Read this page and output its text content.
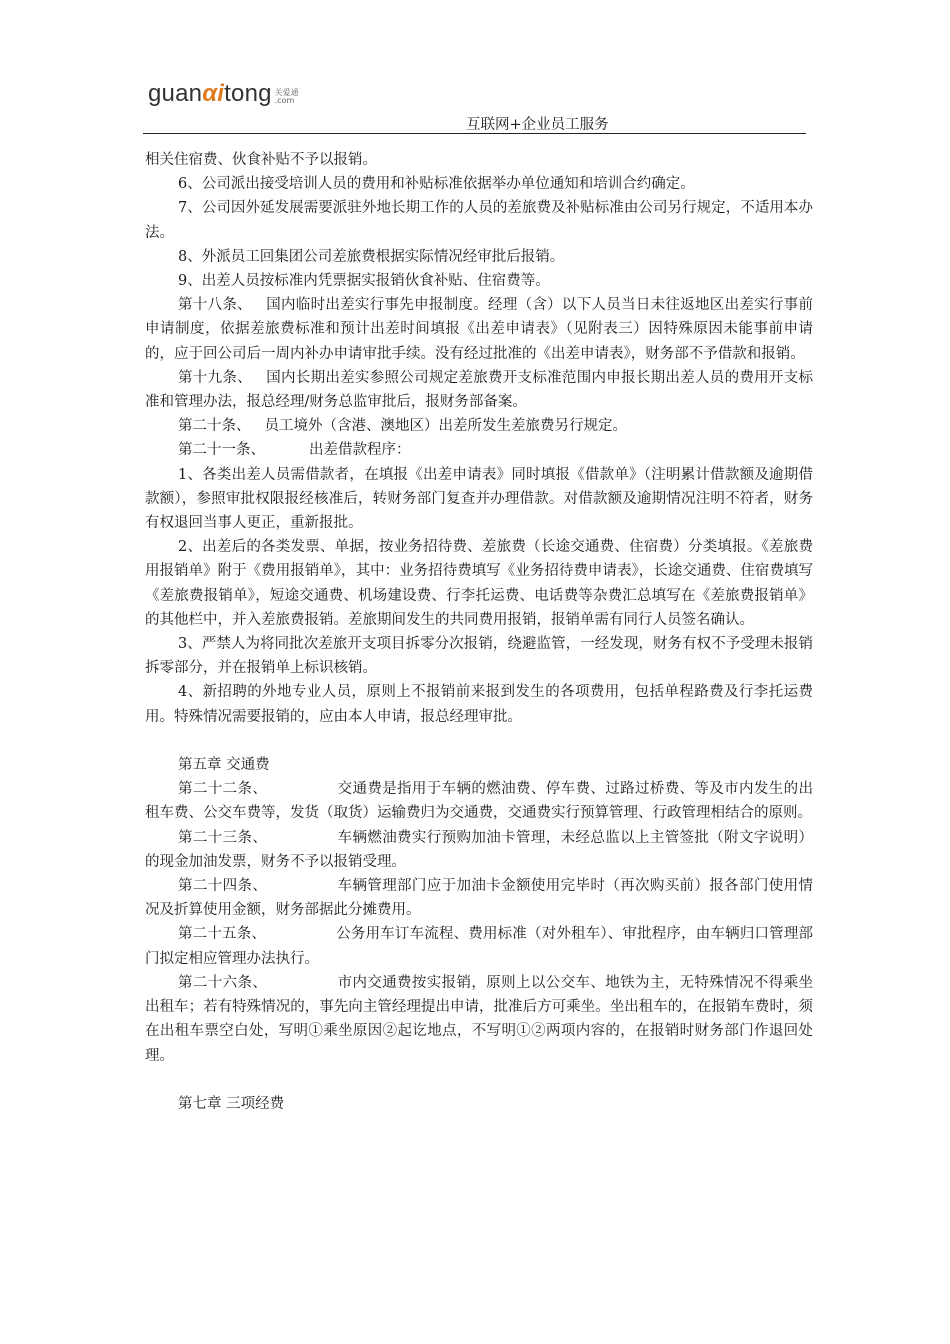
guanαitong 关爱通
.com
互联网+企业员工服务

相关住宿费、伙食补贴不予以报销。

6、公司派出接受培训人员的费用和补贴标准依据举办单位通知和培训合约确定。

7、公司因外延发展需要派驻外地长期工作的人员的差旅费及补贴标准由公司另行规定，不适用本办法。

8、外派员工回集团公司差旅费根据实际情况经审批后报销。

9、出差人员按标准内凭票据实报销伙食补贴、住宿费等。

第十八条、 国内临时出差实行事先申报制度。经理（含）以下人员当日未往返地区出差实行事前申请制度，依据差旅费标准和预计出差时间填报《出差申请表》（见附表三）因特殊原因未能事前申请的，应于回公司后一周内补办申请审批手续。没有经过批准的《出差申请表》，财务部不予借款和报销。

第十九条、 国内长期出差实参照公司规定差旅费开支标准范围内申报长期出差人员的费用开支标准和管理办法，报总经理/财务总监审批后，报财务部备案。

第二十条、 员工境外（含港、澳地区）出差所发生差旅费另行规定。

第二十一条、	出差借款程序：

1、各类出差人员需借款者，在填报《出差申请表》同时填报《借款单》（注明累计借款额及逾期借款额），参照审批权限报经核准后，转财务部门复查并办理借款。对借款额及逾期情况注明不符者，财务有权退回当事人更正，重新报批。

2、出差后的各类发票、单据，按业务招待费、差旅费（长途交通费、住宿费）分类填报。《差旅费用报销单》附于《费用报销单》，其中：业务招待费填写《业务招待费申请表》，长途交通费、住宿费填写《差旅费报销单》，短途交通费、机场建设费、行李托运费、电话费等杂费汇总填写在《差旅费报销单》的其他栏中，并入差旅费报销。差旅期间发生的共同费用报销，报销单需有同行人员签名确认。

3、严禁人为将同批次差旅开支项目拆零分次报销，绕避监管，一经发现，财务有权不予受理未报销拆零部分，并在报销单上标识核销。

4、新招聘的外地专业人员，原则上不报销前来报到发生的各项费用，包括单程路费及行李托运费用。特殊情况需要报销的，应由本人申请，报总经理审批。

第五章 交通费

第二十二条、	交通费是指用于车辆的燃油费、停车费、过路过桥费、等及市内发生的出租车费、公交车费等，发货（取货）运输费归为交通费，交通费实行预算管理、行政管理相结合的原则。

第二十三条、	车辆燃油费实行预购加油卡管理，未经总监以上主管签批（附文字说明）的现金加油发票，财务不予以报销受理。

第二十四条、	车辆管理部门应于加油卡金额使用完毕时（再次购买前）报各部门使用情况及折算使用金额，财务部据此分摊费用。

第二十五条、	公务用车订车流程、费用标准（对外租车）、审批程序，由车辆归口管理部门拟定相应管理办法执行。

第二十六条、	市内交通费按实报销，原则上以公交车、地铁为主，无特殊情况不得乘坐出租车；若有特殊情况的，事先向主管经理提出申请，批准后方可乘坐。坐出租车的，在报销车费时，须在出租车票空白处，写明①乘坐原因②起讫地点，不写明①②两项内容的，在报销时财务部门作退回处理。

第七章 三项经费
